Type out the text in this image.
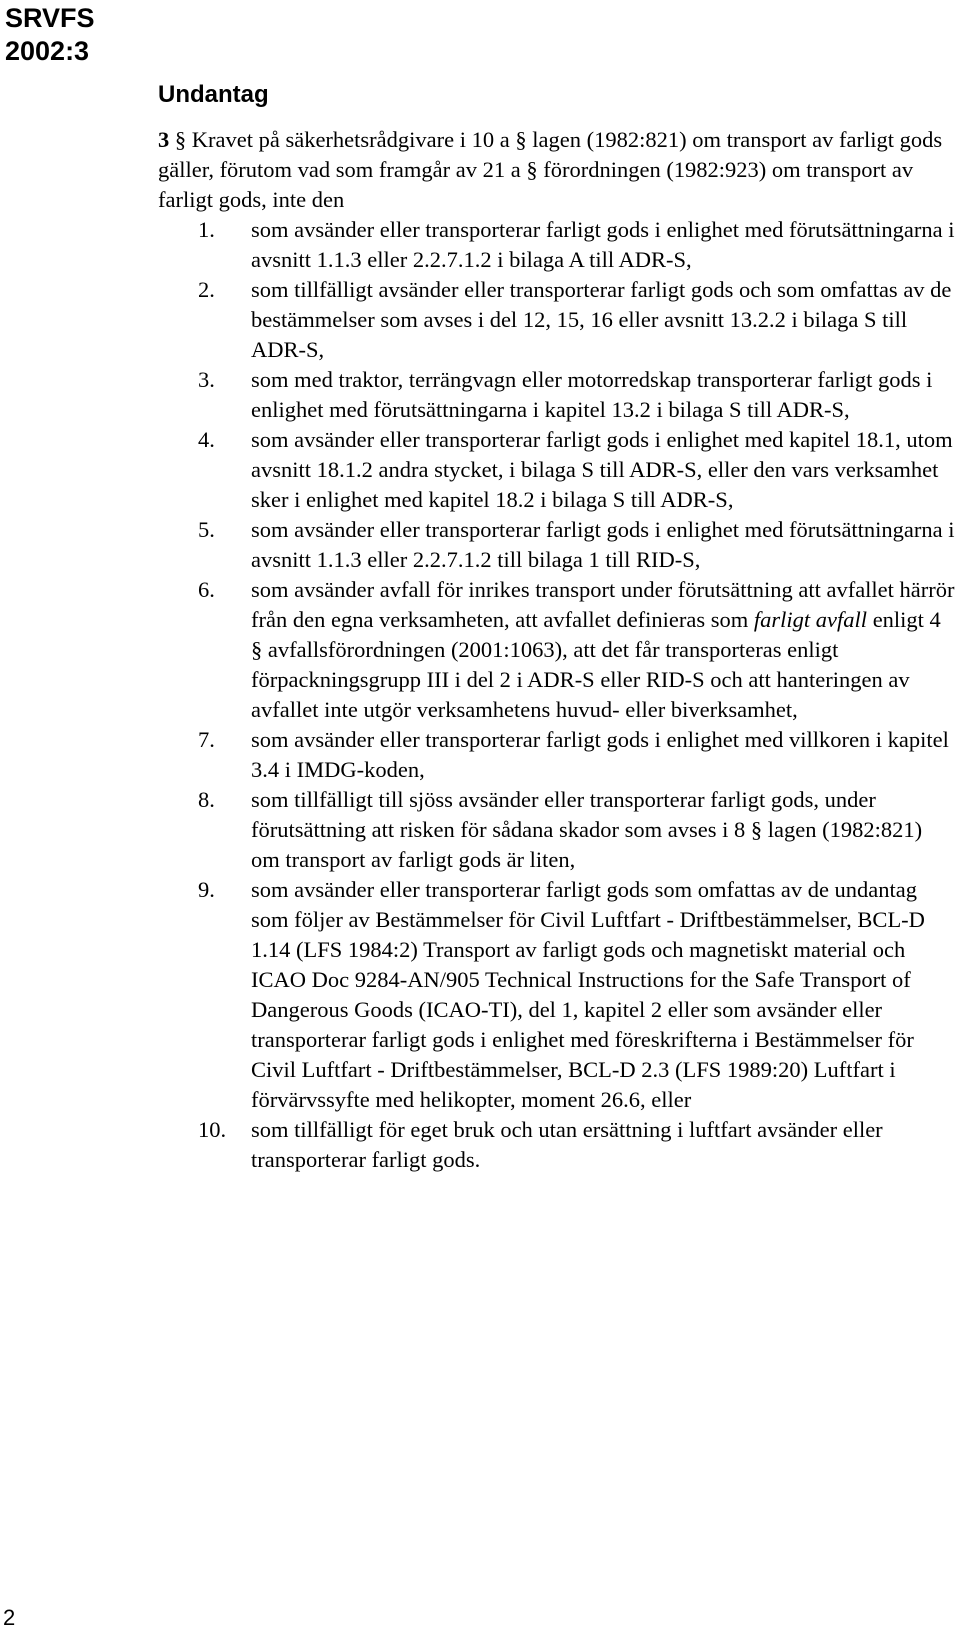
SRVFS
2002:3
Undantag

3 § Kravet på säkerhetsrådgivare i 10 a § lagen (1982:821) om transport av farligt gods gäller, förutom vad som framgår av 21 a § förordningen (1982:923) om transport av farligt gods, inte den

1. som avsänder eller transporterar farligt gods i enlighet med förutsättningarna i avsnitt 1.1.3 eller 2.2.7.1.2 i bilaga A till ADR-S,
2. som tillfälligt avsänder eller transporterar farligt gods och som omfattas av de bestämmelser som avses i del 12, 15, 16 eller avsnitt 13.2.2 i bilaga S till ADR-S,
3. som med traktor, terrängvagn eller motorredskap transporterar farligt gods i enlighet med förutsättningarna i kapitel 13.2 i bilaga S till ADR-S,
4. som avsänder eller transporterar farligt gods i enlighet med kapitel 18.1, utom avsnitt 18.1.2 andra stycket, i bilaga S till ADR-S, eller den vars verksamhet sker i enlighet med kapitel 18.2 i bilaga S till ADR-S,
5. som avsänder eller transporterar farligt gods i enlighet med förutsättningarna i avsnitt 1.1.3 eller 2.2.7.1.2 till bilaga 1 till RID-S,
6. som avsänder avfall för inrikes transport under förutsättning att avfallet härrör från den egna verksamheten, att avfallet definieras som farligt avfall enligt 4 § avfallsförordningen (2001:1063), att det får transporteras enligt förpackningsgrupp III i del 2 i ADR-S eller RID-S och att hanteringen av avfallet inte utgör verksamhetens huvud- eller biverksamhet,
7. som avsänder eller transporterar farligt gods i enlighet med villkoren i kapitel 3.4 i IMDG-koden,
8. som tillfälligt till sjöss avsänder eller transporterar farligt gods, under förutsättning att risken för sådana skador som avses i 8 § lagen (1982:821) om transport av farligt gods är liten,
9. som avsänder eller transporterar farligt gods som omfattas av de undantag som följer av Bestämmelser för Civil Luftfart - Driftbestämmelser, BCL-D 1.14 (LFS 1984:2) Transport av farligt gods och magnetiskt material och ICAO Doc 9284-AN/905 Technical Instructions for the Safe Transport of Dangerous Goods (ICAO-TI), del 1, kapitel 2 eller som avsänder eller transporterar farligt gods i enlighet med föreskrifterna i Bestämmelser för Civil Luftfart - Driftbestämmelser, BCL-D 2.3 (LFS 1989:20) Luftfart i förvärvssyfte med helikopter, moment 26.6, eller
10. som tillfälligt för eget bruk och utan ersättning i luftfart avsänder eller transporterar farligt gods.
2
